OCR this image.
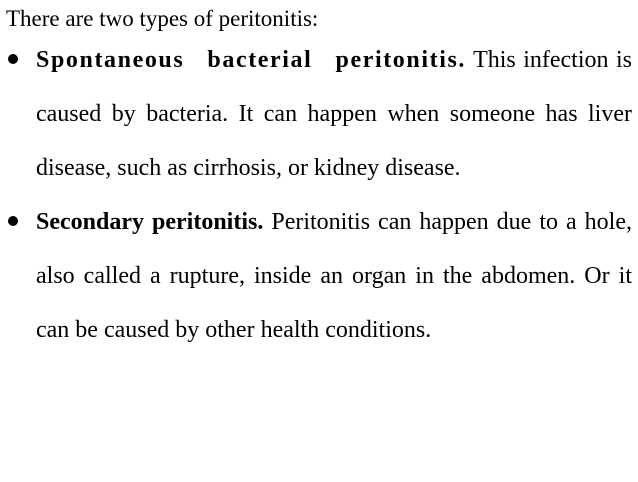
There are two types of peritonitis:

Spontaneous bacterial peritonitis. This infection is caused by bacteria. It can happen when someone has liver disease, such as cirrhosis, or kidney disease.

Secondary peritonitis. Peritonitis can happen due to a hole, also called a rupture, inside an organ in the abdomen. Or it can be caused by other health conditions.
